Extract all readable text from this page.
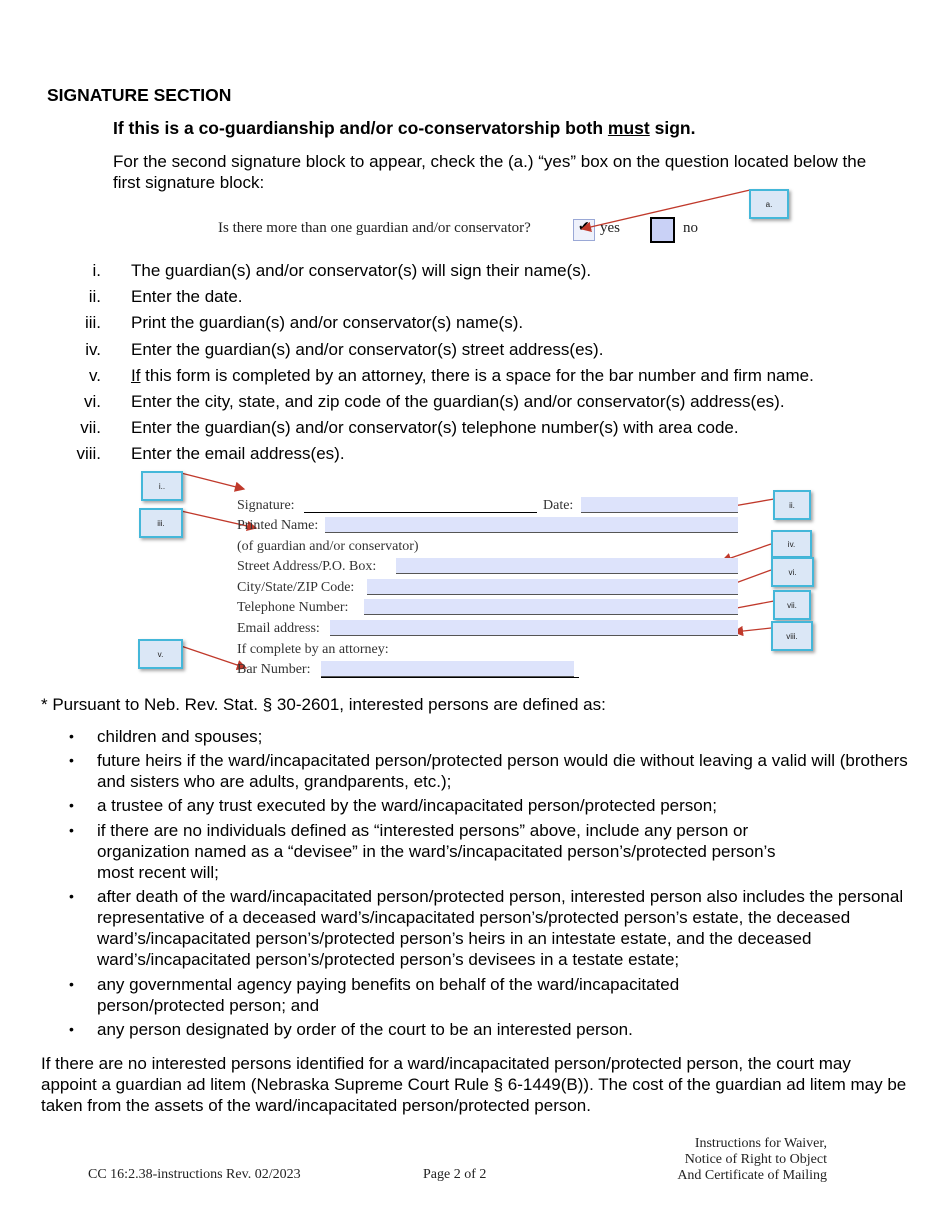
SIGNATURE SECTION
If this is a co-guardianship and/or co-conservatorship both must sign.
For the second signature block to appear, check the (a.) “yes” box on the question located below the first signature block:
Is there more than one guardian and/or conservator?	✔ yes	no
a.
i..
iii.
v.
ii.
iv.
vi.
vii.
viii.
i. The guardian(s) and/or conservator(s) will sign their name(s).
ii. Enter the date.
iii. Print the guardian(s) and/or conservator(s) name(s).
iv. Enter the guardian(s) and/or conservator(s) street address(es).
v. If this form is completed by an attorney, there is a space for the bar number and firm name.
vi. Enter the city, state, and zip code of the guardian(s) and/or conservator(s) address(es).
vii. Enter the guardian(s) and/or conservator(s) telephone number(s) with area code.
viii. Enter the email address(es).
Signature:	Date:
Printed Name:
(of guardian and/or conservator)
Street Address/P.O. Box:
City/State/ZIP Code:
Telephone Number:
Email address:
If complete by an attorney:
Bar Number:
* Pursuant to Neb. Rev. Stat. § 30-2601, interested persons are defined as:
• children and spouses;
• future heirs if the ward/incapacitated person/protected person would die without leaving a valid will (brothers and sisters who are adults, grandparents, etc.);
• a trustee of any trust executed by the ward/incapacitated person/protected person;
• if there are no individuals defined as “interested persons” above, include any person or organization named as a “devisee” in the ward’s/incapacitated person’s/protected person’s most recent will;
• after death of the ward/incapacitated person/protected person, interested person also includes the personal representative of a deceased ward’s/incapacitated person’s/protected person’s estate, the deceased ward’s/incapacitated person’s/protected person’s heirs in an intestate estate, and the deceased ward’s/incapacitated person’s/protected person’s devisees in a testate estate;
• any governmental agency paying benefits on behalf of the ward/incapacitated person/protected person; and
• any person designated by order of the court to be an interested person.
If there are no interested persons identified for a ward/incapacitated person/protected person, the court may appoint a guardian ad litem (Nebraska Supreme Court Rule § 6-1449(B)). The cost of the guardian ad litem may be taken from the assets of the ward/incapacitated person/protected person.
CC 16:2.38-instructions Rev. 02/2023	Page 2 of 2
Instructions for Waiver,
Notice of Right to Object
And Certificate of Mailing
